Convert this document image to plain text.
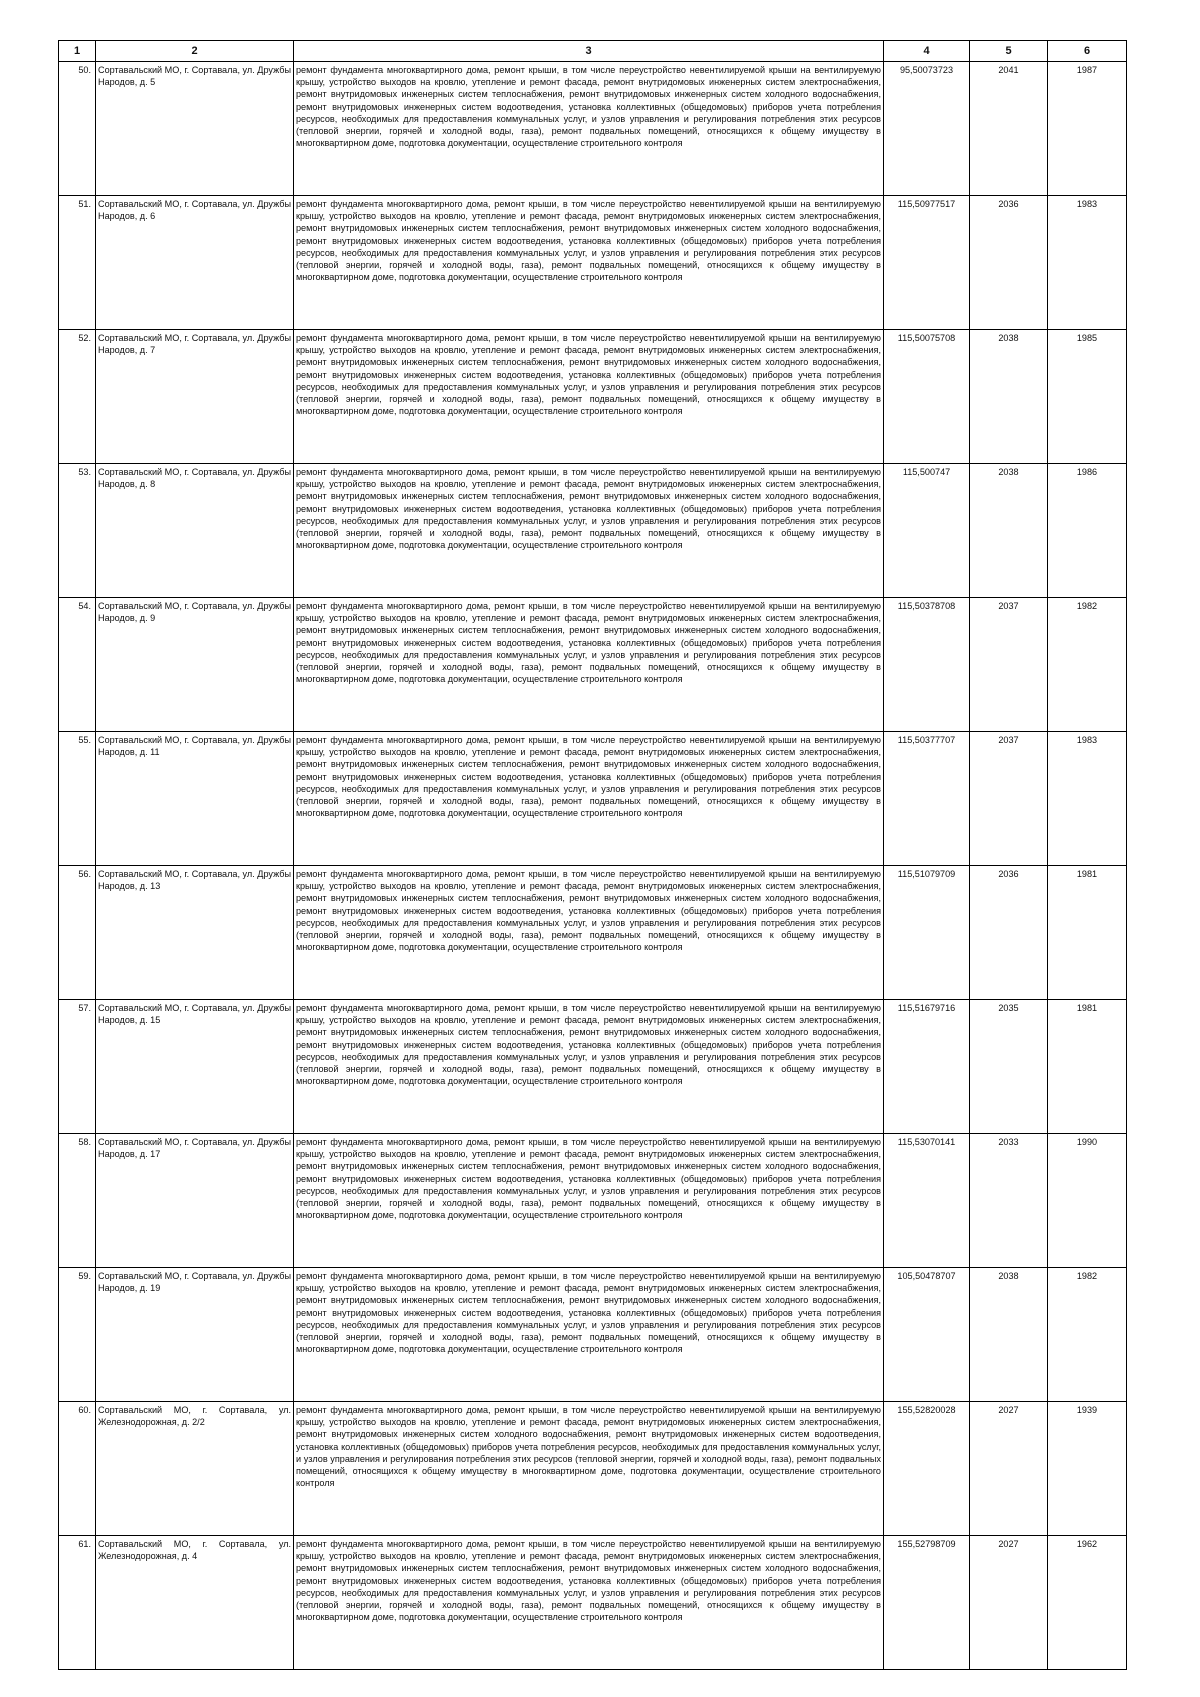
1	2	3	4	5	6
50.	Сортавальский МО, г. Сортавала, ул. Дружбы Народов, д. 5	ремонт фундамента многоквартирного дома, ремонт крыши, в том числе переустройство невентилируемой крыши на вентилируемую крышу, устройство выходов на кровлю, утепление и ремонт фасада, ремонт внутридомовых инженерных систем электроснабжения, ремонт внутридомовых инженерных систем теплоснабжения, ремонт внутридомовых инженерных систем холодного водоснабжения, ремонт внутридомовых инженерных систем водоотведения, установка коллективных (общедомовых) приборов учета потребления ресурсов, необходимых для предоставления коммунальных услуг, и узлов управления и регулирования потребления этих ресурсов (тепловой энергии, горячей и холодной воды, газа), ремонт подвальных помещений, относящихся к общему имуществу в многоквартирном доме, подготовка документации, осуществление строительного контроля	95,50073723	2041	1987
51.	Сортавальский МО, г. Сортавала, ул. Дружбы Народов, д. 6	ремонт фундамента многоквартирного дома, ремонт крыши, в том числе переустройство невентилируемой крыши на вентилируемую крышу, устройство выходов на кровлю, утепление и ремонт фасада, ремонт внутридомовых инженерных систем электроснабжения, ремонт внутридомовых инженерных систем теплоснабжения, ремонт внутридомовых инженерных систем холодного водоснабжения, ремонт внутридомовых инженерных систем водоотведения, установка коллективных (общедомовых) приборов учета потребления ресурсов, необходимых для предоставления коммунальных услуг, и узлов управления и регулирования потребления этих ресурсов (тепловой энергии, горячей и холодной воды, газа), ремонт подвальных помещений, относящихся к общему имуществу в многоквартирном доме, подготовка документации, осуществление строительного контроля	115,50977517	2036	1983
52.	Сортавальский МО, г. Сортавала, ул. Дружбы Народов, д. 7	ремонт фундамента многоквартирного дома, ремонт крыши, в том числе переустройство невентилируемой крыши на вентилируемую крышу, устройство выходов на кровлю, утепление и ремонт фасада, ремонт внутридомовых инженерных систем электроснабжения, ремонт внутридомовых инженерных систем теплоснабжения, ремонт внутридомовых инженерных систем холодного водоснабжения, ремонт внутридомовых инженерных систем водоотведения, установка коллективных (общедомовых) приборов учета потребления ресурсов, необходимых для предоставления коммунальных услуг, и узлов управления и регулирования потребления этих ресурсов (тепловой энергии, горячей и холодной воды, газа), ремонт подвальных помещений, относящихся к общему имуществу в многоквартирном доме, подготовка документации, осуществление строительного контроля	115,50075708	2038	1985
53.	Сортавальский МО, г. Сортавала, ул. Дружбы Народов, д. 8	ремонт фундамента многоквартирного дома, ремонт крыши, в том числе переустройство невентилируемой крыши на вентилируемую крышу, устройство выходов на кровлю, утепление и ремонт фасада, ремонт внутридомовых инженерных систем электроснабжения, ремонт внутридомовых инженерных систем теплоснабжения, ремонт внутридомовых инженерных систем холодного водоснабжения, ремонт внутридомовых инженерных систем водоотведения, установка коллективных (общедомовых) приборов учета потребления ресурсов, необходимых для предоставления коммунальных услуг, и узлов управления и регулирования потребления этих ресурсов (тепловой энергии, горячей и холодной воды, газа), ремонт подвальных помещений, относящихся к общему имуществу в многоквартирном доме, подготовка документации, осуществление строительного контроля	115,500747	2038	1986
54.	Сортавальский МО, г. Сортавала, ул. Дружбы Народов, д. 9	ремонт фундамента многоквартирного дома, ремонт крыши, в том числе переустройство невентилируемой крыши на вентилируемую крышу, устройство выходов на кровлю, утепление и ремонт фасада, ремонт внутридомовых инженерных систем электроснабжения, ремонт внутридомовых инженерных систем теплоснабжения, ремонт внутридомовых инженерных систем холодного водоснабжения, ремонт внутридомовых инженерных систем водоотведения, установка коллективных (общедомовых) приборов учета потребления ресурсов, необходимых для предоставления коммунальных услуг, и узлов управления и регулирования потребления этих ресурсов (тепловой энергии, горячей и холодной воды, газа), ремонт подвальных помещений, относящихся к общему имуществу в многоквартирном доме, подготовка документации, осуществление строительного контроля	115,50378708	2037	1982
55.	Сортавальский МО, г. Сортавала, ул. Дружбы Народов, д. 11	ремонт фундамента многоквартирного дома, ремонт крыши, в том числе переустройство невентилируемой крыши на вентилируемую крышу, устройство выходов на кровлю, утепление и ремонт фасада, ремонт внутридомовых инженерных систем электроснабжения, ремонт внутридомовых инженерных систем теплоснабжения, ремонт внутридомовых инженерных систем холодного водоснабжения, ремонт внутридомовых инженерных систем водоотведения, установка коллективных (общедомовых) приборов учета потребления ресурсов, необходимых для предоставления коммунальных услуг, и узлов управления и регулирования потребления этих ресурсов (тепловой энергии, горячей и холодной воды, газа), ремонт подвальных помещений, относящихся к общему имуществу в многоквартирном доме, подготовка документации, осуществление строительного контроля	115,50377707	2037	1983
56.	Сортавальский МО, г. Сортавала, ул. Дружбы Народов, д. 13	ремонт фундамента многоквартирного дома, ремонт крыши, в том числе переустройство невентилируемой крыши на вентилируемую крышу, устройство выходов на кровлю, утепление и ремонт фасада, ремонт внутридомовых инженерных систем электроснабжения, ремонт внутридомовых инженерных систем теплоснабжения, ремонт внутридомовых инженерных систем холодного водоснабжения, ремонт внутридомовых инженерных систем водоотведения, установка коллективных (общедомовых) приборов учета потребления ресурсов, необходимых для предоставления коммунальных услуг, и узлов управления и регулирования потребления этих ресурсов (тепловой энергии, горячей и холодной воды, газа), ремонт подвальных помещений, относящихся к общему имуществу в многоквартирном доме, подготовка документации, осуществление строительного контроля	115,51079709	2036	1981
57.	Сортавальский МО, г. Сортавала, ул. Дружбы Народов, д. 15	ремонт фундамента многоквартирного дома, ремонт крыши, в том числе переустройство невентилируемой крыши на вентилируемую крышу, устройство выходов на кровлю, утепление и ремонт фасада, ремонт внутридомовых инженерных систем электроснабжения, ремонт внутридомовых инженерных систем теплоснабжения, ремонт внутридомовых инженерных систем холодного водоснабжения, ремонт внутридомовых инженерных систем водоотведения, установка коллективных (общедомовых) приборов учета потребления ресурсов, необходимых для предоставления коммунальных услуг, и узлов управления и регулирования потребления этих ресурсов (тепловой энергии, горячей и холодной воды, газа), ремонт подвальных помещений, относящихся к общему имуществу в многоквартирном доме, подготовка документации, осуществление строительного контроля	115,51679716	2035	1981
58.	Сортавальский МО, г. Сортавала, ул. Дружбы Народов, д. 17	ремонт фундамента многоквартирного дома, ремонт крыши, в том числе переустройство невентилируемой крыши на вентилируемую крышу, устройство выходов на кровлю, утепление и ремонт фасада, ремонт внутридомовых инженерных систем электроснабжения, ремонт внутридомовых инженерных систем теплоснабжения, ремонт внутридомовых инженерных систем холодного водоснабжения, ремонт внутридомовых инженерных систем водоотведения, установка коллективных (общедомовых) приборов учета потребления ресурсов, необходимых для предоставления коммунальных услуг, и узлов управления и регулирования потребления этих ресурсов (тепловой энергии, горячей и холодной воды, газа), ремонт подвальных помещений, относящихся к общему имуществу в многоквартирном доме, подготовка документации, осуществление строительного контроля	115,53070141	2033	1990
59.	Сортавальский МО, г. Сортавала, ул. Дружбы Народов, д. 19	ремонт фундамента многоквартирного дома, ремонт крыши, в том числе переустройство невентилируемой крыши на вентилируемую крышу, устройство выходов на кровлю, утепление и ремонт фасада, ремонт внутридомовых инженерных систем электроснабжения, ремонт внутридомовых инженерных систем теплоснабжения, ремонт внутридомовых инженерных систем холодного водоснабжения, ремонт внутридомовых инженерных систем водоотведения, установка коллективных (общедомовых) приборов учета потребления ресурсов, необходимых для предоставления коммунальных услуг, и узлов управления и регулирования потребления этих ресурсов (тепловой энергии, горячей и холодной воды, газа), ремонт подвальных помещений, относящихся к общему имуществу в многоквартирном доме, подготовка документации, осуществление строительного контроля	105,50478707	2038	1982
60.	Сортавальский МО, г. Сортавала, ул. Железнодорожная, д. 2/2	ремонт фундамента многоквартирного дома, ремонт крыши, в том числе переустройство невентилируемой крыши на вентилируемую крышу, устройство выходов на кровлю, утепление и ремонт фасада, ремонт внутридомовых инженерных систем электроснабжения, ремонт внутридомовых инженерных систем холодного водоснабжения, ремонт внутридомовых инженерных систем водоотведения, установка коллективных (общедомовых) приборов учета потребления ресурсов, необходимых для предоставления коммунальных услуг, и узлов управления и регулирования потребления этих ресурсов (тепловой энергии, горячей и холодной воды, газа), ремонт подвальных помещений, относящихся к общему имуществу в многоквартирном доме, подготовка документации, осуществление строительного контроля	155,52820028	2027	1939
61.	Сортавальский МО, г. Сортавала, ул. Железнодорожная, д. 4	ремонт фундамента многоквартирного дома, ремонт крыши, в том числе переустройство невентилируемой крыши на вентилируемую крышу, устройство выходов на кровлю, утепление и ремонт фасада, ремонт внутридомовых инженерных систем электроснабжения, ремонт внутридомовых инженерных систем теплоснабжения, ремонт внутридомовых инженерных систем холодного водоснабжения, ремонт внутридомовых инженерных систем водоотведения, установка коллективных (общедомовых) приборов учета потребления ресурсов, необходимых для предоставления коммунальных услуг, и узлов управления и регулирования потребления этих ресурсов (тепловой энергии, горячей и холодной воды, газа), ремонт подвальных помещений, относящихся к общему имуществу в многоквартирном доме, подготовка документации, осуществление строительного контроля	155,52798709	2027	1962
